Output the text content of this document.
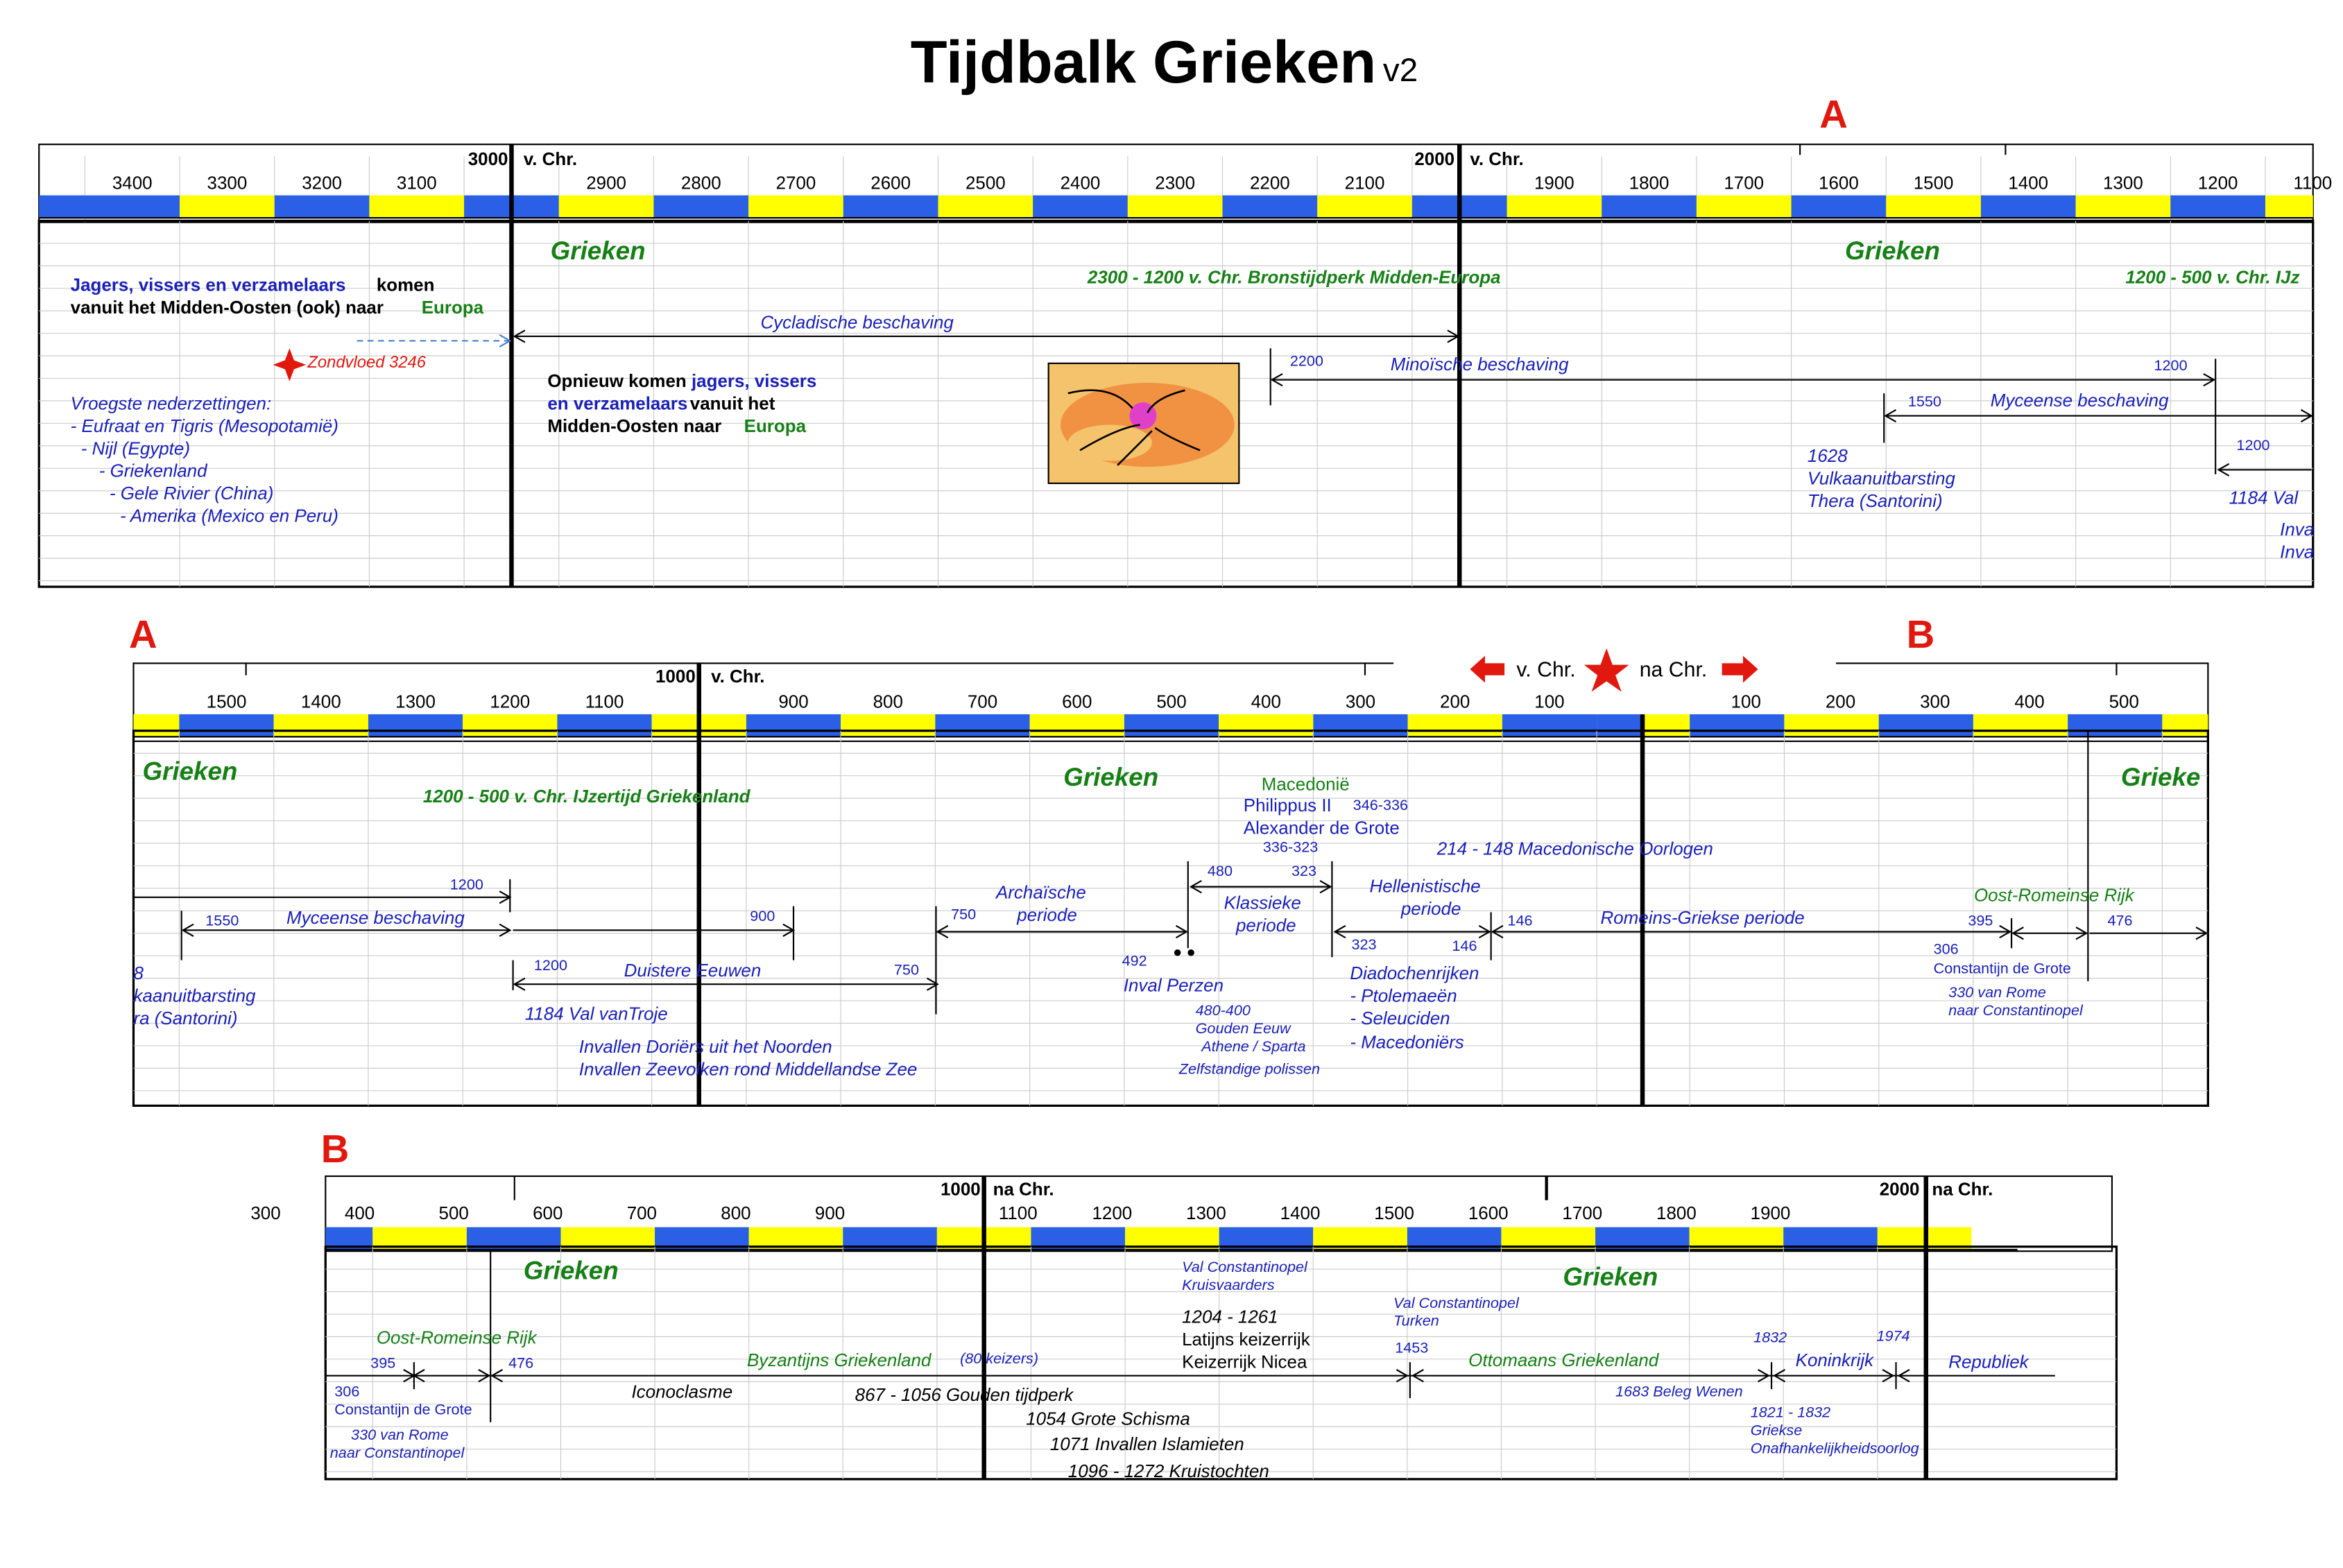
Tijdbalk Grieken v2
3400	3300	3200	3100	2900	2800	2700	2600	2500	2400	2300	2200	2100	1900	1800	1700	1600	1500	1400	1300	1200	1100
3000 v. Chr.	2000 v. Chr.
A
Grieken	Grieken
2300 - 1200 v. Chr. Bronstijdperk Midden-Europa	1200 - 500 v. Chr. IJz
Jagers, vissers en verzamelaars	komen
vanuit het Midden-Oosten (ook) naar	Europa
Zondvloed 3246
Vroegste nederzettingen:
- Eufraat en Tigris (Mesopotamië)
- Nijl (Egypte)
- Griekenland
- Gele Rivier (China)
- Amerika (Mexico en Peru)
Cycladische beschaving
Opnieuw komen jagers, vissers
en verzamelaars vanuit het
Midden-Oosten naar	Europa
2200	Minoïsche beschaving	1200
1550	Myceense beschaving
1200
1628
Vulkaanuitbarsting
Thera (Santorini)	1184 Val
Inva
Inva
1500	1400	1300	1200	1100	900	800	700	600	500	400	300	200	100	100	200	300	400	500
1000 v. Chr.
A	B
v. Chr.	na Chr.
Grieken	Grieken	Grieke
1200 - 500 v. Chr. IJzertijd Griekenland
Macedonië
Philippus II	346-336
Alexander de Grote
336-323	214 - 148 Macedonische Oorlogen
1200
1550	Myceense beschaving	900
1200	Duistere Eeuwen	750
Archaïsche
periode
750
480	323
Klassieke
periode
492
Inval Perzen
480-400
Gouden Eeuw
Athene / Sparta
Zelfstandige polissen
Hellenistische
periode
323	146
146	Romeins-Griekse periode
Diadochenrijken
- Ptolemaeën
- Seleuciden
- Macedoniërs
Oost-Romeinse Rijk
395	476
306
Constantijn de Grote
330 van Rome
naar Constantinopel
8
kaanuitbarsting
ra (Santorini)	1184 Val vanTroje
Invallen Doriërs uit het Noorden
Invallen Zeevolken rond Middellandse Zee
300	400	500	600	700	800	900	1100	1200	1300	1400	1500	1600	1700	1800	1900
1000 na Chr.	2000 na Chr.
B
Grieken	Grieken
Val Constantinopel
Kruisvaarders
1204 - 1261
Latijns keizerrijk
Keizerrijk Nicea
Val Constantinopel
Turken
1453
Oost-Romeinse Rijk
395	476
306
Constantijn de Grote
330 van Rome
naar Constantinopel
Byzantijns Griekenland	(80 keizers)
Iconoclasme	867 - 1056 Gouden tijdperk
1054 Grote Schisma
1071 Invallen Islamieten
1096 - 1272 Kruistochten
Ottomaans Griekenland
1683 Beleg Wenen
1832	1974
Koninkrijk	Republiek
1821 - 1832
Griekse
Onafhankelijkheidsoorlog
